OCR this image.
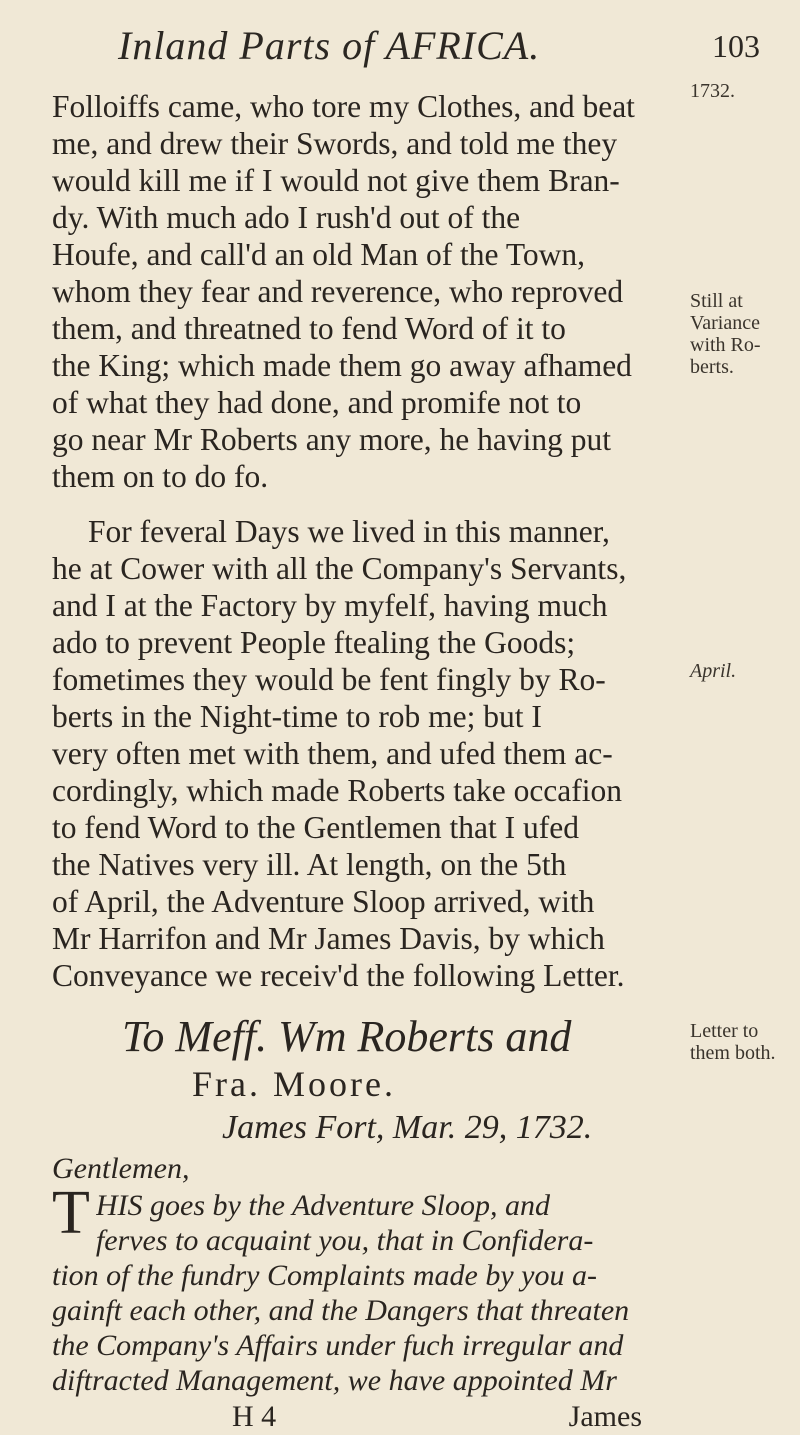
Inland Parts of AFRICA.	103
Folloiffs came, who tore my Clothes, and beat
me, and drew their Swords, and told me they
would kill me if I would not give them Bran-
dy. With much ado I rush'd out of the
Houfe, and call'd an old Man of the Town,
whom they fear and reverence, who reproved
them, and threatned to fend Word of it to
the King; which made them go away afhamed
of what they had done, and promife not to
go near Mr Roberts any more, he having put
them on to do fo.
For feveral Days we lived in this manner,
he at Cower with all the Company's Servants,
and I at the Factory by myfelf, having much
ado to prevent People ftealing the Goods;
fometimes they would be fent fingly by Ro-
berts in the Night-time to rob me; but I
very often met with them, and ufed them ac-
cordingly, which made Roberts take occafion
to fend Word to the Gentlemen that I ufed
the Natives very ill. At length, on the 5th
of April, the Adventure Sloop arrived, with
Mr Harrifon and Mr James Davis, by which
Conveyance we receiv'd the following Letter.
To Meff. Wm Roberts and
Fra. Moore.
James Fort, Mar. 29, 1732.
Gentlemen,
T HIS goes by the Adventure Sloop, and
ferves to acquaint you, that in Confidera-
tion of the fundry Complaints made by you a-
gainft each other, and the Dangers that threaten
the Company's Affairs under fuch irregular and
diftracted Management, we have appointed Mr
H 4	James
1732.
Still at
Variance
with Ro-
berts.
April.
Letter to
them both.
